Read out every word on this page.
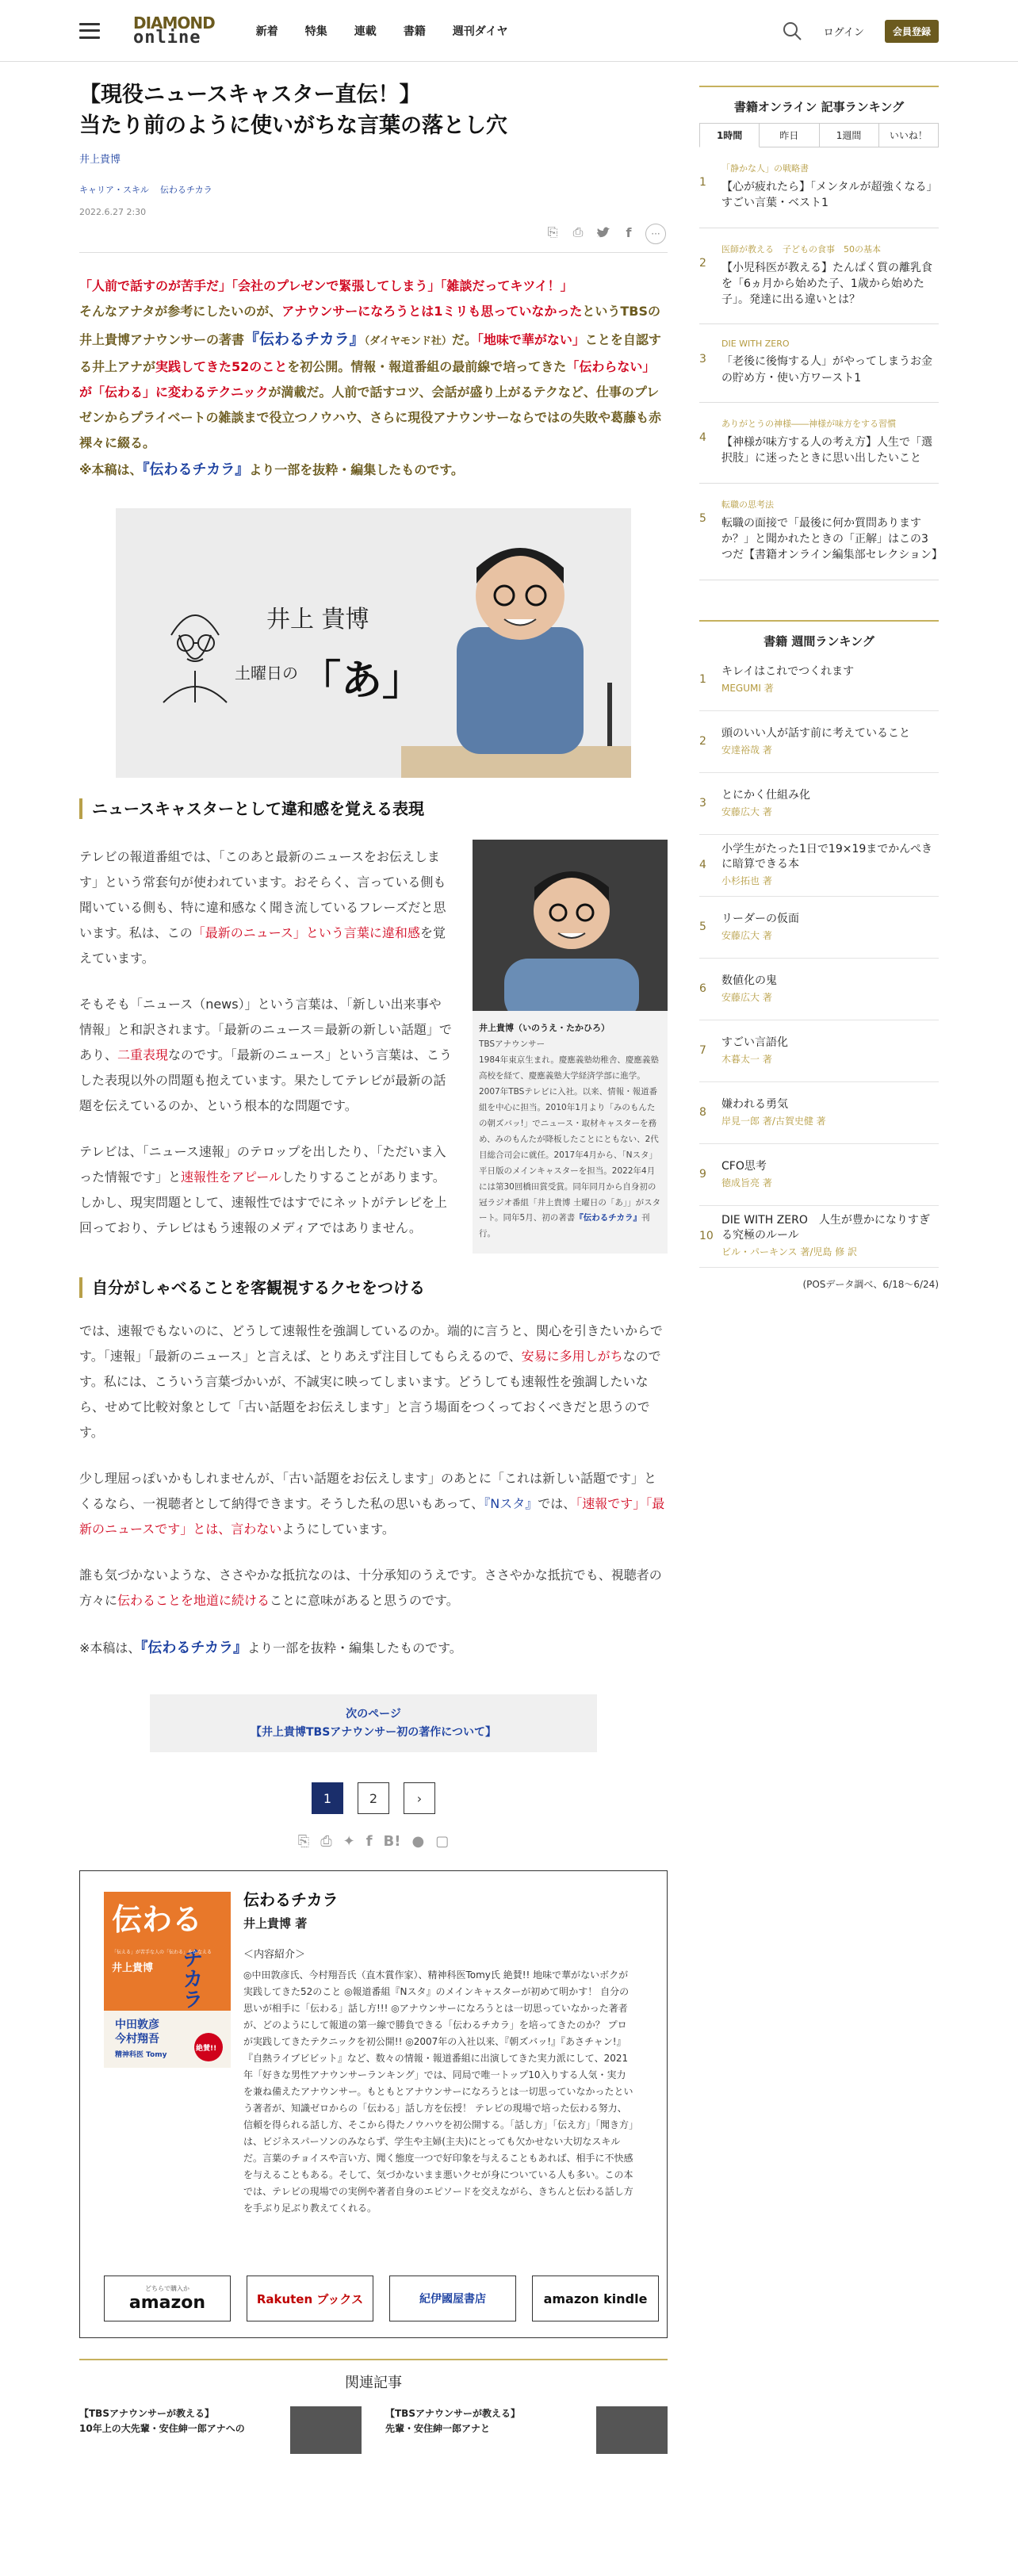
DIAMOND
online	新着 特集 連載 書籍 週刊ダイヤ	ログイン	会員登録
【現役ニュースキャスター直伝！】
当たり前のように使いがちな言葉の落とし穴
井上貴博
キャリア・スキル 伝わるチカラ
2022.6.27 2:30
⎘ ⎙	f	···
「人前で話すのが苦手だ」「会社のプレゼンで緊張してしまう」「雑談だってキツイ！」
そんなアナタが参考にしたいのが、アナウンサーになろうとは1ミリも思っていなかったというTBSの井上貴博アナウンサーの著書『伝わるチカラ』（ダイヤモンド社）だ。「地味で華がない」ことを自認する井上アナが実践してきた52のことを初公開。情報・報道番組の最前線で培ってきた「伝わらない」が「伝わる」に変わるテクニックが満載だ。人前で話すコツ、会話が盛り上がるテクなど、仕事のプレゼンからプライベートの雑談まで役立つノウハウ、さらに現役アナウンサーならではの失敗や葛藤も赤裸々に綴る。
※本稿は、『伝わるチカラ』より一部を抜粋・編集したものです。
井上 貴博
土曜日の 「あ」
ニュースキャスターとして違和感を覚える表現

テレビの報道番組では、「このあと最新のニュースをお伝えします」という常套句が使われています。おそらく、言っている側も聞いている側も、特に違和感なく聞き流しているフレーズだと思います。私は、この「最新のニュース」という言葉に違和感を覚えています。

そもそも「ニュース（news）」という言葉は、「新しい出来事や情報」と和訳されます。「最新のニュース＝最新の新しい話題」であり、二重表現なのです。「最新のニュース」という言葉は、こうした表現以外の問題も抱えています。果たしてテレビが最新の話題を伝えているのか、という根本的な問題です。

テレビは、「ニュース速報」のテロップを出したり、「ただいま入った情報です」と速報性をアピールしたりすることがあります。しかし、現実問題として、速報性ではすでにネットがテレビを上回っており、テレビはもう速報のメディアではありません。

井上貴博（いのうえ・たかひろ）
TBSアナウンサー
1984年東京生まれ。慶應義塾幼稚舎、慶應義塾高校を経て、慶應義塾大学経済学部に進学。2007年TBSテレビに入社。以来、情報・報道番組を中心に担当。2010年1月より「みのもんたの朝ズバッ!」でニュース・取材キャスターを務め、みのもんたが降板したことにともない、2代目総合司会に就任。2017年4月から、「Nスタ」平日版のメインキャスターを担当。2022年4月には第30回橋田賞受賞。同年同月から自身初の冠ラジオ番組「井上貴博 土曜日の「あ」」がスタート。同年5月、初の著書『伝わるチカラ』刊行。
自分がしゃべることを客観視するクセをつける

では、速報でもないのに、どうして速報性を強調しているのか。端的に言うと、関心を引きたいからです。「速報」「最新のニュース」と言えば、とりあえず注目してもらえるので、安易に多用しがちなのです。私には、こういう言葉づかいが、不誠実に映ってしまいます。どうしても速報性を強調したいなら、せめて比較対象として「古い話題をお伝えします」と言う場面をつくっておくべきだと思うのです。

少し理屈っぽいかもしれませんが、「古い話題をお伝えします」のあとに「これは新しい話題です」とくるなら、一視聴者として納得できます。そうした私の思いもあって、『Nスタ』では、「速報です」「最新のニュースです」とは、言わないようにしています。

誰も気づかないような、ささやかな抵抗なのは、十分承知のうえです。ささやかな抵抗でも、視聴者の方々に伝わることを地道に続けることに意味があると思うのです。

※本稿は、『伝わるチカラ』より一部を抜粋・編集したものです。

次のページ
【井上貴博TBSアナウンサー初の著作について】
1	2	›
⎘ ⎙ ✦ f B! ● ▢
伝わる
チカラ
「伝える」が苦手な人の「伝わる」をかなえる
井上貴博
中田敦彦
今村翔吾
精神科医 Tomy
絶賛!!
伝わるチカラ
井上貴博 著
＜内容紹介＞
◎中田敦彦氏、今村翔吾氏（直木賞作家）、精神科医Tomy氏 絶賛!! 地味で華がないボクが実践してきた52のこと ◎報道番組『Nスタ』のメインキャスターが初めて明かす！ 自分の思いが相手に「伝わる」話し方!!! ◎アナウンサーになろうとは一切思っていなかった著者が、どのようにして報道の第一線で勝負できる「伝わるチカラ」を培ってきたのか？ プロが実践してきたテクニックを初公開!! ◎2007年の入社以来、『朝ズバッ!』『あさチャン!』『自熱ライブビビット』など、数々の情報・報道番組に出演してきた実力派にして、2021年「好きな男性アナウンサーランキング」では、同局で唯一トップ10入りする人気・実力を兼ね備えたアナウンサー。もともとアナウンサーになろうとは一切思っていなかったという著者が、知識ゼロからの「伝わる」話し方を伝授！ テレビの現場で培った伝わる努力、信頼を得られる話し方、そこから得たノウハウを初公開する。「話し方」「伝え方」「聞き方」は、ビジネスパーソンのみならず、学生や主婦(主夫)にとっても欠かせない大切なスキルだ。言葉のチョイスや言い方、聞く態度一つで好印象を与えることもあれば、相手に不快感を与えることもある。そして、気づかないまま悪いクセが身についている人も多い。この本では、テレビの現場での実例や著者自身のエピソードを交えながら、きちんと伝わる話し方を手ぶり足ぶり教えてくれる。
どちらで購入か
amazon	Rakuten ブックス	紀伊國屋書店	amazon kindle
関連記事
【TBSアナウンサーが教える】
10年上の大先輩・安住紳一郎アナへの
【TBSアナウンサーが教える】
先輩・安住紳一郎アナと
書籍オンライン 記事ランキング
1時間	昨日	1週間	いいね！
1
「静かな人」の戦略書
【心が疲れたら】「メンタルが超強くなる」すごい言葉・ベスト1
2
医師が教える　子どもの食事　50の基本
【小児科医が教える】たんぱく質の離乳食を「6ヵ月から始めた子、1歳から始めた子」。発達に出る違いとは？
3
DIE WITH ZERO
「老後に後悔する人」がやってしまうお金の貯め方・使い方ワースト1
4
ありがとうの神様――神様が味方をする習慣
【神様が味方する人の考え方】人生で「選択肢」に迷ったときに思い出したいこと
5
転職の思考法
転職の面接で「最後に何か質問ありますか？」と聞かれたときの「正解」はこの3つだ【書籍オンライン編集部セレクション】
書籍 週間ランキング
1
キレイはこれでつくれます
MEGUMI 著
2
頭のいい人が話す前に考えていること
安達裕哉 著
3
とにかく仕組み化
安藤広大 著
4
小学生がたった1日で19×19までかんぺきに暗算できる本
小杉拓也 著
5
リーダーの仮面
安藤広大 著
6
数値化の鬼
安藤広大 著
7
すごい言語化
木暮太一 著
8
嫌われる勇気
岸見一郎 著/古賀史健 著
9
CFO思考
徳成旨亮 著
10
DIE WITH ZERO　人生が豊かになりすぎる究極のルール
ビル・パーキンス 著/児島 修 訳
(POSデータ調べ、6/18〜6/24)
